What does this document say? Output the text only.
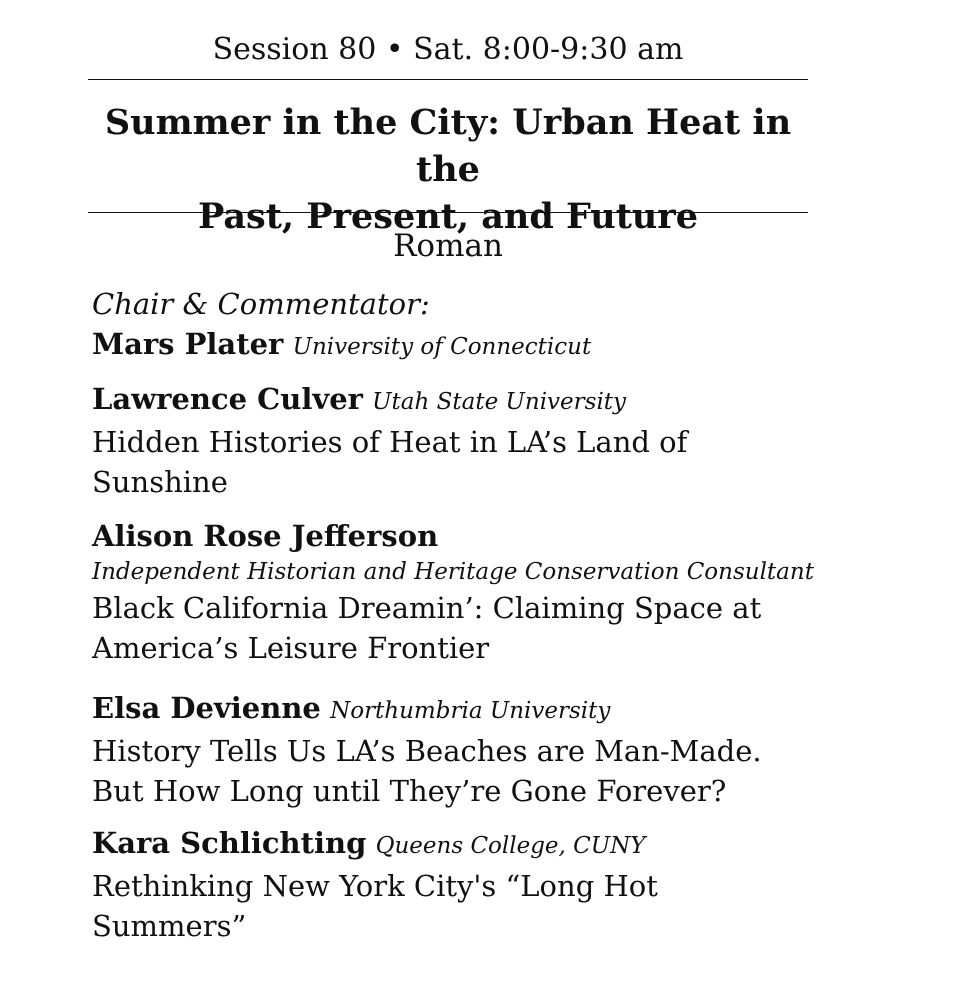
Session 80 • Sat. 8:00-9:30 am
Summer in the City: Urban Heat in the
Past, Present, and Future
Roman
Chair & Commentator:
Mars Plater University of Connecticut
Lawrence Culver Utah State University
Hidden Histories of Heat in LA’s Land of Sunshine
Alison Rose Jefferson
Independent Historian and Heritage Conservation Consultant
Black California Dreamin’: Claiming Space at America’s Leisure Frontier
Elsa Devienne Northumbria University
History Tells Us LA’s Beaches are Man-Made. But How Long until They’re Gone Forever?
Kara Schlichting Queens College, CUNY
Rethinking New York City's “Long Hot Summers”
